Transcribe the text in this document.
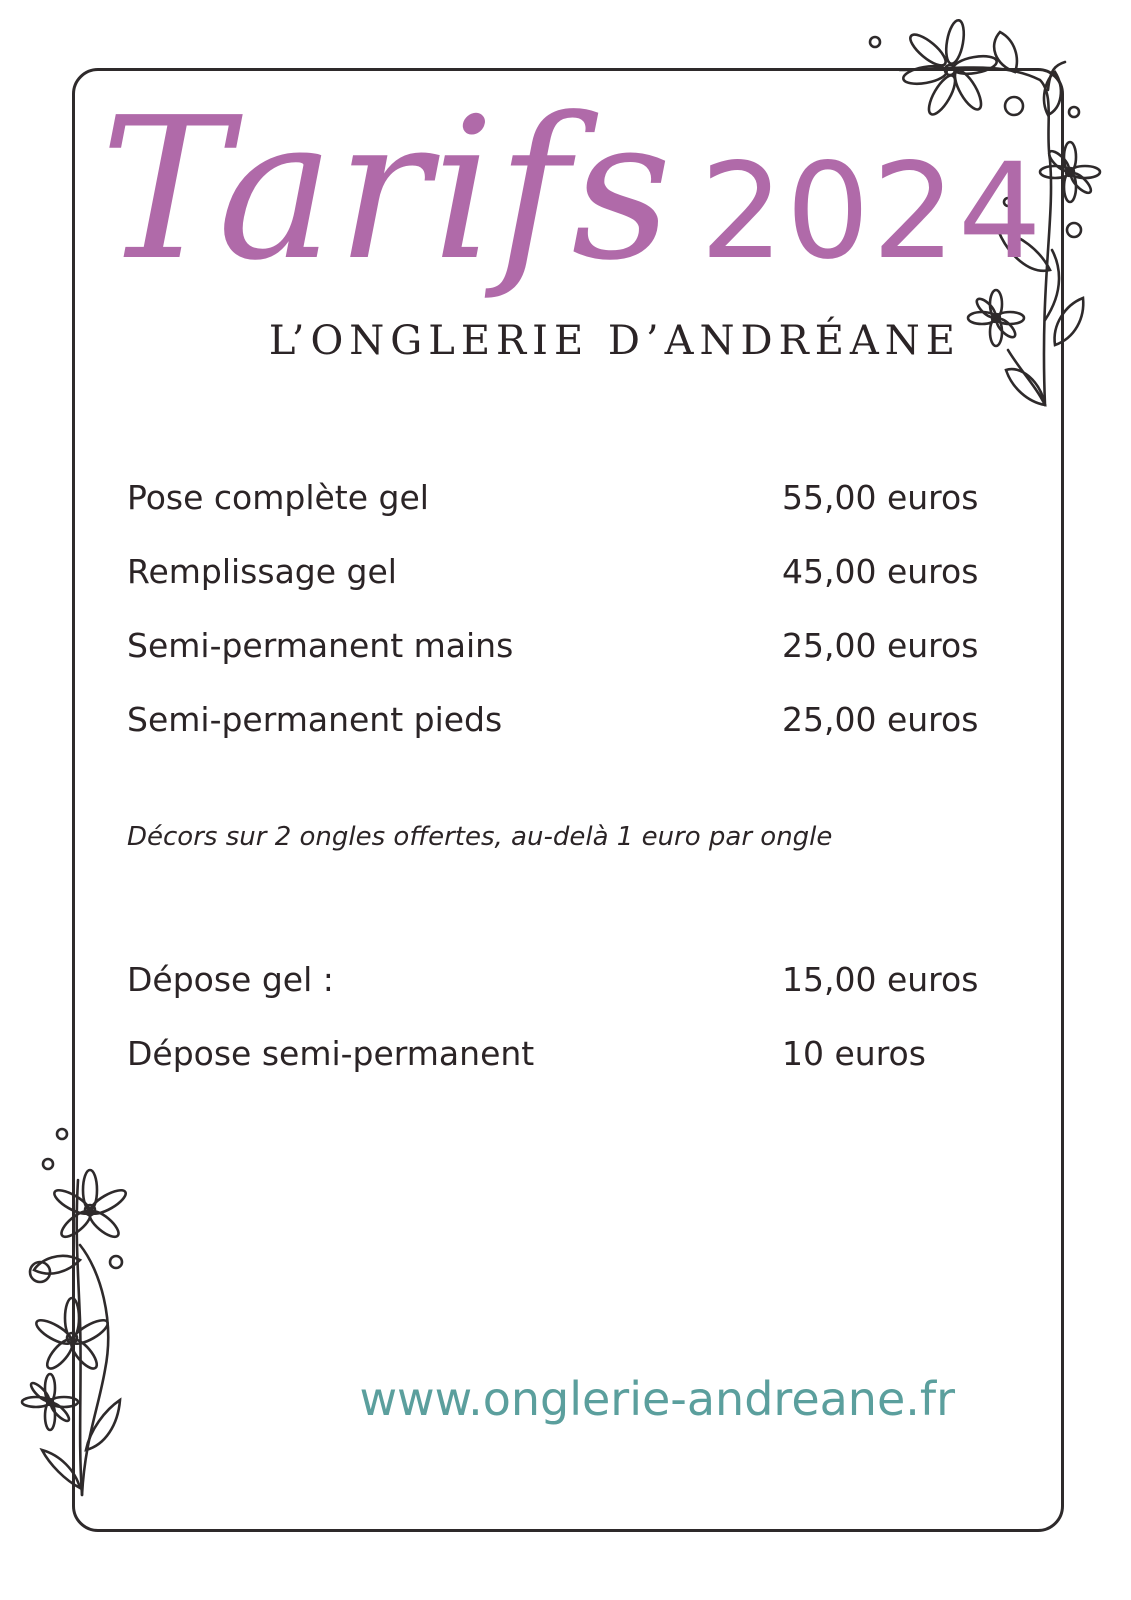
Tarifs 2024
L’ONGLERIE D’ANDRÉANE
Pose complète gel	55,00 euros
Remplissage gel	45,00 euros
Semi-permanent mains	25,00 euros
Semi-permanent pieds	25,00 euros
Décors sur 2 ongles offertes, au-delà 1 euro par ongle
Dépose gel :	15,00 euros
Dépose semi-permanent	10 euros
www.onglerie-andreane.fr
